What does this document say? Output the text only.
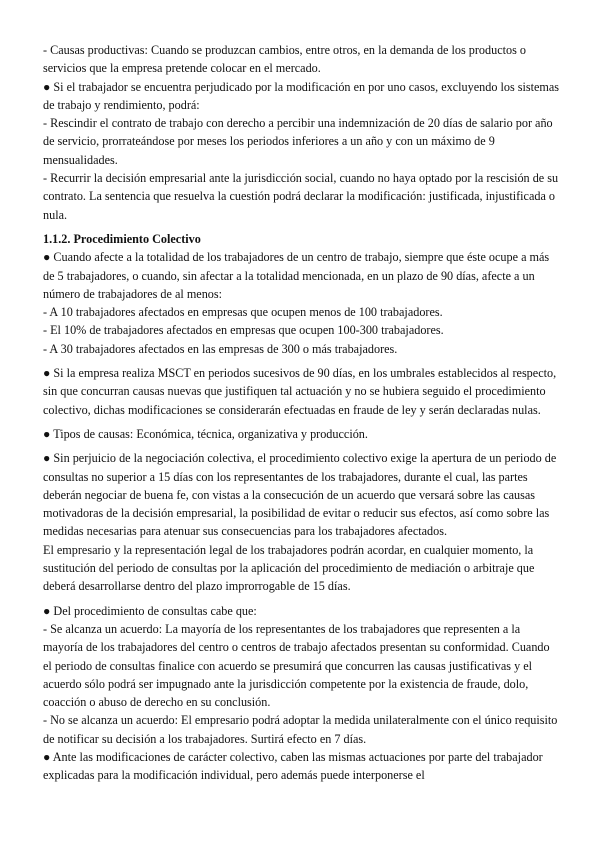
- Causas productivas: Cuando se produzcan cambios, entre otros, en la demanda de los productos o servicios que la empresa pretende colocar en el mercado.

● Si el trabajador se encuentra perjudicado por la modificación en por uno casos, excluyendo los sistemas de trabajo y rendimiento, podrá:

- Rescindir el contrato de trabajo con derecho a percibir una indemnización de 20 días de salario por año de servicio, prorrateándose por meses los periodos inferiores a un año y con un máximo de 9 mensualidades.

- Recurrir la decisión empresarial ante la jurisdicción social, cuando no haya optado por la rescisión de su contrato. La sentencia que resuelva la cuestión podrá declarar la modificación: justificada, injustificada o nula.

1.1.2. Procedimiento Colectivo

● Cuando afecte a la totalidad de los trabajadores de un centro de trabajo, siempre que éste ocupe a más de 5 trabajadores, o cuando, sin afectar a la totalidad mencionada, en un plazo de 90 días, afecte a un número de trabajadores de al menos:

- A 10 trabajadores afectados en empresas que ocupen menos de 100 trabajadores.

- El 10% de trabajadores afectados en empresas que ocupen 100-300 trabajadores.

- A 30 trabajadores afectados en las empresas de 300 o más trabajadores.

● Si la empresa realiza MSCT en periodos sucesivos de 90 días, en los umbrales establecidos al respecto, sin que concurran causas nuevas que justifiquen tal actuación y no se hubiera seguido el procedimiento colectivo, dichas modificaciones se considerarán efectuadas en fraude de ley y serán declaradas nulas.

● Tipos de causas: Económica, técnica, organizativa y producción.

● Sin perjuicio de la negociación colectiva, el procedimiento colectivo exige la apertura de un periodo de consultas no superior a 15 días con los representantes de los trabajadores, durante el cual, las partes deberán negociar de buena fe, con vistas a la consecución de un acuerdo que versará sobre las causas motivadoras de la decisión empresarial, la posibilidad de evitar o reducir sus efectos, así como sobre las medidas necesarias para atenuar sus consecuencias para los trabajadores afectados.

El empresario y la representación legal de los trabajadores podrán acordar, en cualquier momento, la sustitución del periodo de consultas por la aplicación del procedimiento de mediación o arbitraje que deberá desarrollarse dentro del plazo improrrogable de 15 días.

● Del procedimiento de consultas cabe que:

- Se alcanza un acuerdo: La mayoría de los representantes de los trabajadores que representen a la mayoría de los trabajadores del centro o centros de trabajo afectados presentan su conformidad. Cuando el periodo de consultas finalice con acuerdo se presumirá que concurren las causas justificativas y el acuerdo sólo podrá ser impugnado ante la jurisdicción competente por la existencia de fraude, dolo, coacción o abuso de derecho en su conclusión.

- No se alcanza un acuerdo: El empresario podrá adoptar la medida unilateralmente con el único requisito de notificar su decisión a los trabajadores. Surtirá efecto en 7 días.

● Ante las modificaciones de carácter colectivo, caben las mismas actuaciones por parte del trabajador explicadas para la modificación individual, pero además puede interponerse el
